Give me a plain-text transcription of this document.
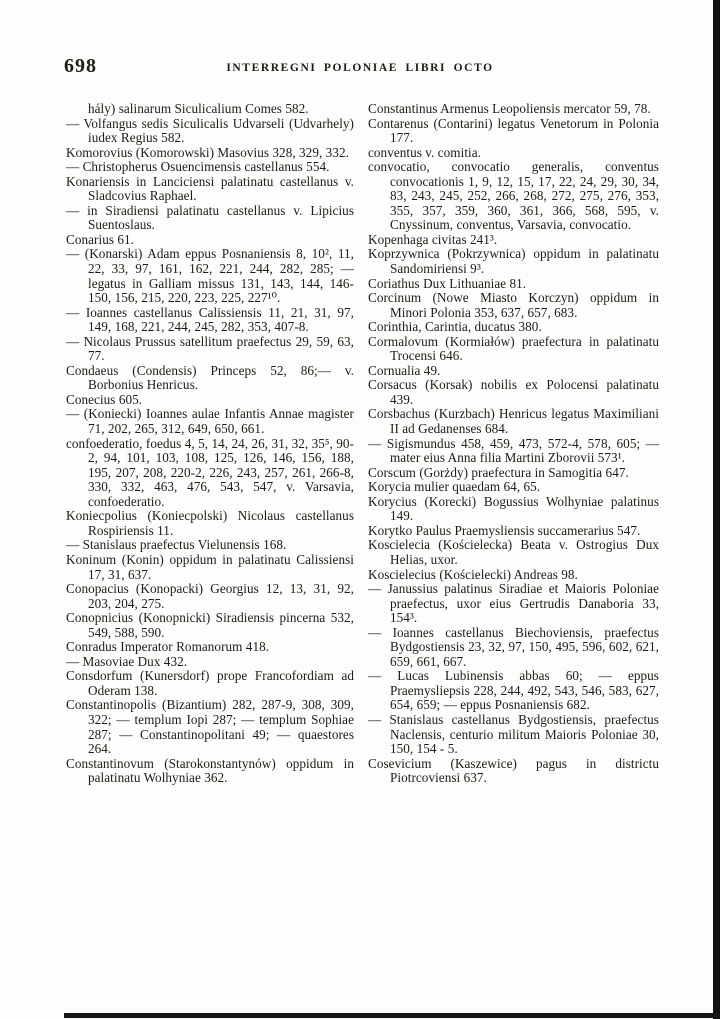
698	INTERREGNI POLONIAE LIBRI OCTO

hály) salinarum Siculicalium Comes 582.

— Volfangus sedis Siculicalis Udvarseli (Udvarhely) iudex Regius 582.

Komorovius (Komorowski) Masovius 328, 329, 332.

— Christopherus Osuencimensis castellanus 554.

Konariensis in Lanciciensi palatinatu castellanus v. Sladcovius Raphael.

— in Siradiensi palatinatu castellanus v. Lipicius Suentoslaus.

Conarius 61.

— (Konarski) Adam eppus Posnaniensis 8, 10², 11, 22, 33, 97, 161, 162, 221, 244, 282, 285; — legatus in Galliam missus 131, 143, 144, 146-150, 156, 215, 220, 223, 225, 227¹⁰.

— Ioannes castellanus Calissiensis 11, 21, 31, 97, 149, 168, 221, 244, 245, 282, 353, 407-8.

— Nicolaus Prussus satellitum praefectus 29, 59, 63, 77.

Condaeus (Condensis) Princeps 52, 86;— v. Borbonius Henricus.

Conecius 605.

— (Koniecki) Ioannes aulae Infantis Annae magister 71, 202, 265, 312, 649, 650, 661.

confoederatio, foedus 4, 5, 14, 24, 26, 31, 32, 35⁵, 90-2, 94, 101, 103, 108, 125, 126, 146, 156, 188, 195, 207, 208, 220-2, 226, 243, 257, 261, 266-8, 330, 332, 463, 476, 543, 547, v. Varsavia, confoederatio.

Koniecpolius (Koniecpolski) Nicolaus castellanus Rospiriensis 11.

— Stanislaus praefectus Vielunensis 168.

Koninum (Konin) oppidum in palatinatu Calissiensi 17, 31, 637.

Conopacius (Konopacki) Georgius 12, 13, 31, 92, 203, 204, 275.

Conopnicius (Konopnicki) Siradiensis pincerna 532, 549, 588, 590.

Conradus Imperator Romanorum 418.

— Masoviae Dux 432.

Consdorfum (Kunersdorf) prope Francofordiam ad Oderam 138.

Constantinopolis (Bizantium) 282, 287-9, 308, 309, 322; — templum Iopi 287; — templum Sophiae 287; — Constantinopolitani 49; — quaestores 264.

Constantinovum (Starokonstantynów) oppidum in palatinatu Wolhyniae 362.

Constantinus Armenus Leopoliensis mercator 59, 78.

Contarenus (Contarini) legatus Venetorum in Polonia 177.

conventus v. comitia.

convocatio, convocatio generalis, conventus convocationis 1, 9, 12, 15, 17, 22, 24, 29, 30, 34, 83, 243, 245, 252, 266, 268, 272, 275, 276, 353, 355, 357, 359, 360, 361, 366, 568, 595, v. Cnyssinum, conventus, Varsavia, convocatio.

Kopenhaga civitas 241³.

Koprzywnica (Pokrzywnica) oppidum in palatinatu Sandomiriensi 9³.

Coriathus Dux Lithuaniae 81.

Corcinum (Nowe Miasto Korczyn) oppidum in Minori Polonia 353, 637, 657, 683.

Corinthia, Carintia, ducatus 380.

Cormalovum (Kormiałów) praefectura in palatinatu Trocensi 646.

Cornualia 49.

Corsacus (Korsak) nobilis ex Polocensi palatinatu 439.

Corsbachus (Kurzbach) Henricus legatus Maximiliani II ad Gedanenses 684.

— Sigismundus 458, 459, 473, 572-4, 578, 605; — mater eius Anna filia Martini Zborovii 573¹.

Corscum (Gorżdy) praefectura in Samogitia 647.

Korycia mulier quaedam 64, 65.

Korycius (Korecki) Bogussius Wolhyniae palatinus 149.

Korytko Paulus Praemysliensis succamerarius 547.

Koscielecia (Kościelecka) Beata v. Ostrogius Dux Helias, uxor.

Koscielecius (Kościelecki) Andreas 98.

— Janussius palatinus Siradiae et Maioris Poloniae praefectus, uxor eius Gertrudis Danaboria 33, 154³.

— Ioannes castellanus Biechoviensis, praefectus Bydgostiensis 23, 32, 97, 150, 495, 596, 602, 621, 659, 661, 667.

— Lucas Lubinensis abbas 60; — eppus Praemysliepsis 228, 244, 492, 543, 546, 583, 627, 654, 659; — eppus Posnaniensis 682.

— Stanislaus castellanus Bydgostiensis, praefectus Naclensis, centurio militum Maioris Poloniae 30, 150, 154 - 5.

Cosevicium (Kaszewice) pagus in districtu Piotrcoviensi 637.
